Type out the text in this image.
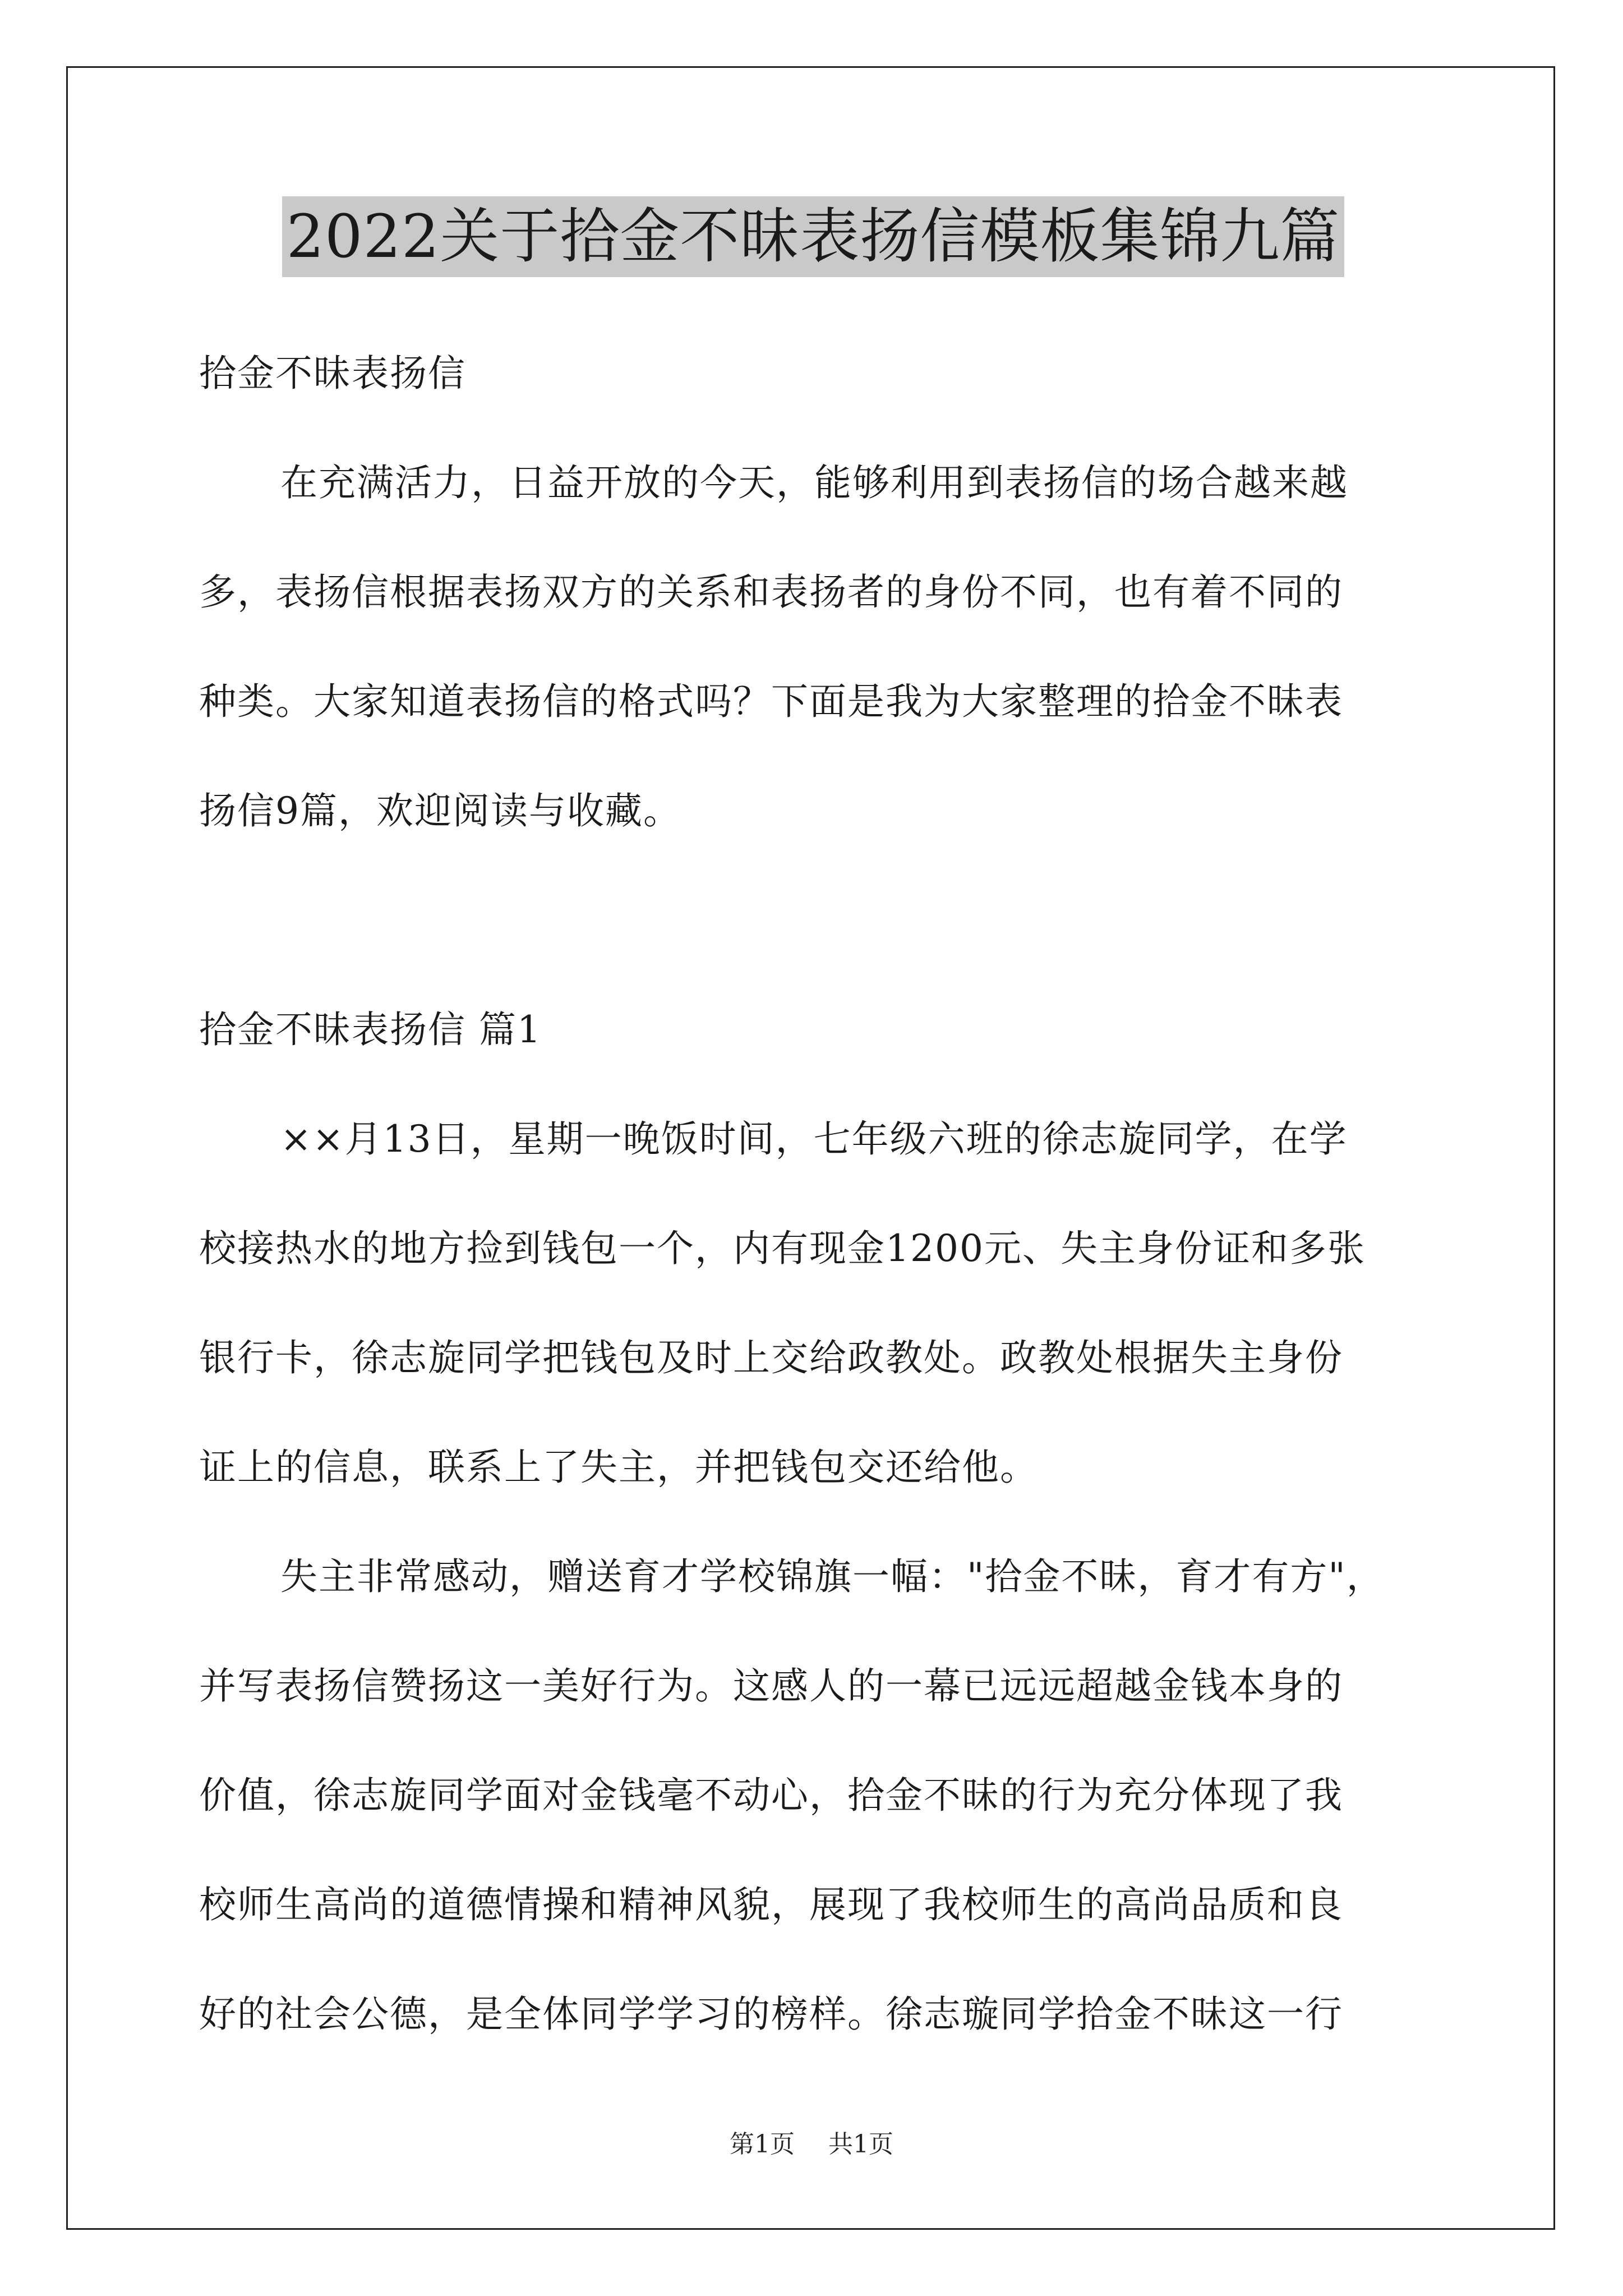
2022关于拾金不昧表扬信模板集锦九篇
拾金不昧表扬信
在充满活力，日益开放的今天，能够利用到表扬信的场合越来越
多，表扬信根据表扬双方的关系和表扬者的身份不同，也有着不同的
种类。大家知道表扬信的格式吗？下面是我为大家整理的拾金不昧表
扬信9篇，欢迎阅读与收藏。
拾金不昧表扬信 篇1
××月13日，星期一晚饭时间，七年级六班的徐志旋同学，在学
校接热水的地方捡到钱包一个，内有现金1200元、失主身份证和多张
银行卡，徐志旋同学把钱包及时上交给政教处。政教处根据失主身份
证上的信息，联系上了失主，并把钱包交还给他。
失主非常感动，赠送育才学校锦旗一幅："拾金不昧，育才有方"，
并写表扬信赞扬这一美好行为。这感人的一幕已远远超越金钱本身的
价值，徐志旋同学面对金钱毫不动心，拾金不昧的行为充分体现了我
校师生高尚的道德情操和精神风貌，展现了我校师生的高尚品质和良
好的社会公德，是全体同学学习的榜样。徐志璇同学拾金不昧这一行
第1页 共1页
